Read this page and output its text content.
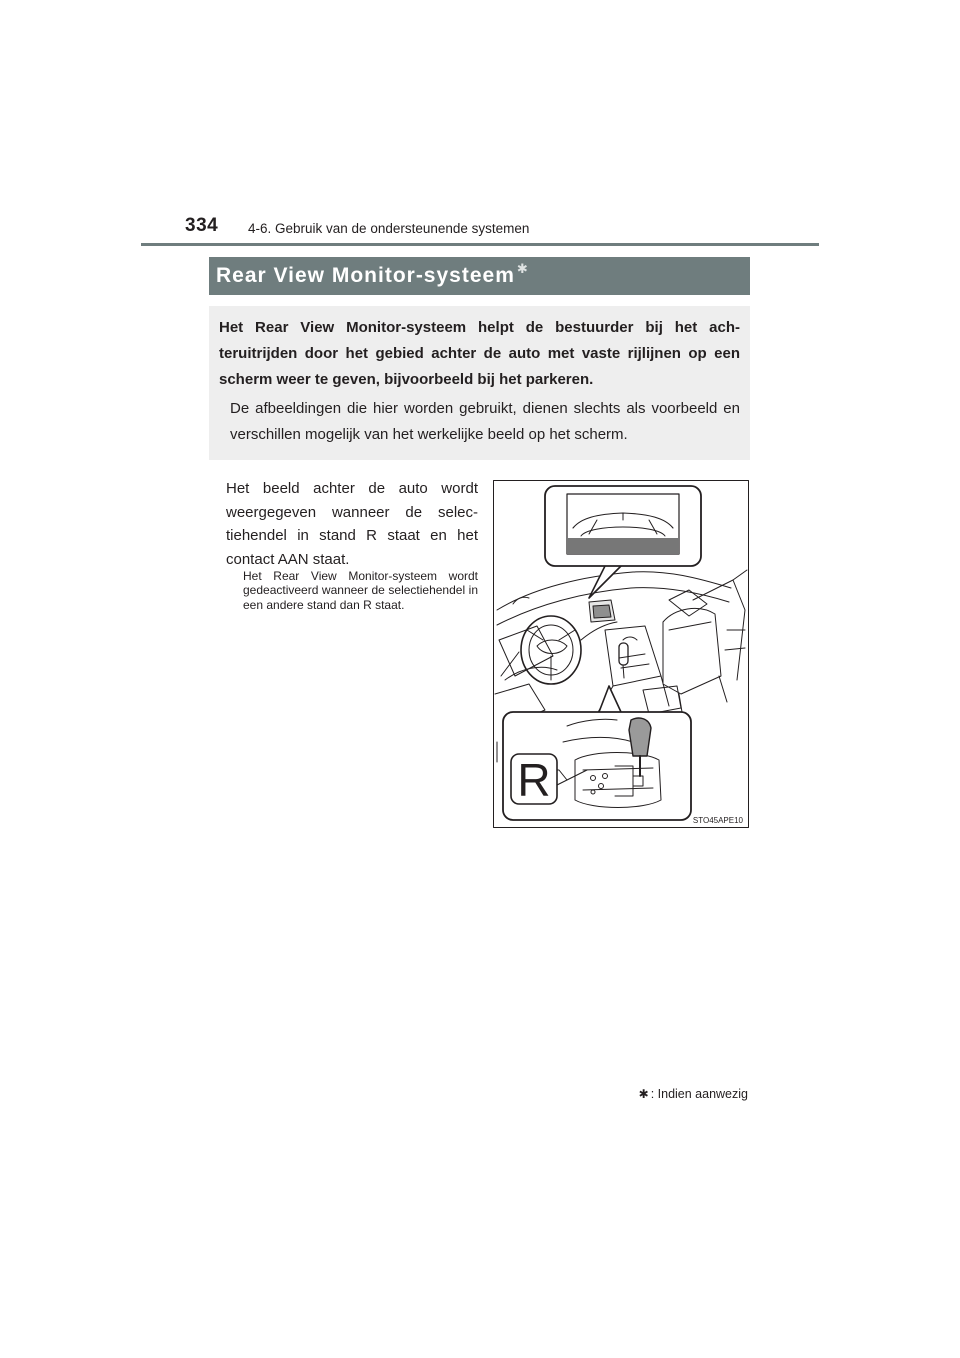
334 4-6. Gebruik van de ondersteunende systemen
Rear View Monitor-systeem ✱

Het Rear View Monitor-systeem helpt de bestuurder bij het achteruitrijden door het gebied achter de auto met vaste rijlijnen op een scherm weer te geven, bijvoorbeeld bij het parkeren.

De afbeeldingen die hier worden gebruikt, dienen slechts als voorbeeld en verschillen mogelijk van het werkelijke beeld op het scherm.

Het beeld achter de auto wordt weergegeven wanneer de selectiehendel in stand R staat en het contact AAN staat.

Het Rear View Monitor-systeem wordt gedeactiveerd wanneer de selectiehendel in een andere stand dan R staat.

R
STO45APE10
✱ : Indien aanwezig
